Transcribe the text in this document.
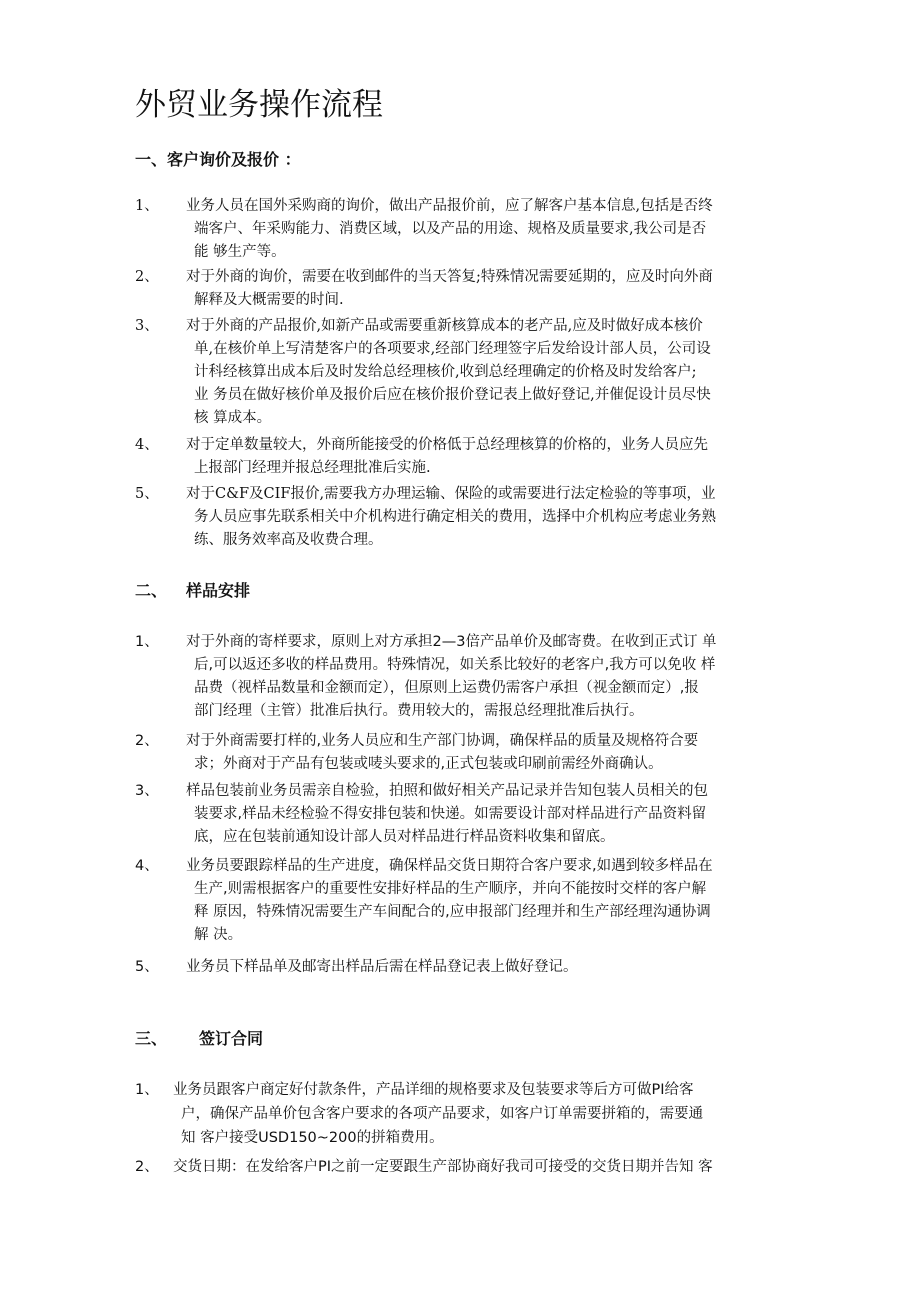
外贸业务操作流程
一、客户询价及报价 ：
1、 业务人员在国外采购商的询价，做出产品报价前，应了解客户基本信息,包括是否终
端客户、年采购能力、消费区域，以及产品的用途、规格及质量要求,我公司是否
能 够生产等。
2、 对于外商的询价，需要在收到邮件的当天答复;特殊情况需要延期的，应及时向外商
解释及大概需要的时间.
3、 对于外商的产品报价,如新产品或需要重新核算成本的老产品,应及时做好成本核价
单,在核价单上写清楚客户的各项要求,经部门经理签字后发给设计部人员，公司设
计科经核算出成本后及时发给总经理核价,收到总经理确定的价格及时发给客户;
业 务员在做好核价单及报价后应在核价报价登记表上做好登记,并催促设计员尽快
核 算成本。
4、 对于定单数量较大，外商所能接受的价格低于总经理核算的价格的，业务人员应先
上报部门经理并报总经理批准后实施.
5、 对于C&F及CIF报价,需要我方办理运输、保险的或需要进行法定检验的等事项，业
务人员应事先联系相关中介机构进行确定相关的费用，选择中介机构应考虑业务熟
练、服务效率高及收费合理。
二、 样品安排
1、 对于外商的寄样要求，原则上对方承担2—3倍产品单价及邮寄费。在收到正式订 单
后,可以返还多收的样品费用。特殊情况，如关系比较好的老客户,我方可以免收 样
品费（视样品数量和金额而定），但原则上运费仍需客户承担（视金额而定）,报
部门经理（主管）批准后执行。费用较大的，需报总经理批准后执行。
2、 对于外商需要打样的,业务人员应和生产部门协调，确保样品的质量及规格符合要
求；外商对于产品有包装或唛头要求的,正式包装或印刷前需经外商确认。
3、 样品包装前业务员需亲自检验，拍照和做好相关产品记录并告知包装人员相关的包
装要求,样品未经检验不得安排包装和快递。如需要设计部对样品进行产品资料留
底，应在包装前通知设计部人员对样品进行样品资料收集和留底。
4、 业务员要跟踪样品的生产进度，确保样品交货日期符合客户要求,如遇到较多样品在
生产,则需根据客户的重要性安排好样品的生产顺序，并向不能按时交样的客户解
释 原因，特殊情况需要生产车间配合的,应申报部门经理并和生产部经理沟通协调
解 决。
5、 业务员下样品单及邮寄出样品后需在样品登记表上做好登记。
三、 签订合同
1、 业务员跟客户商定好付款条件，产品详细的规格要求及包装要求等后方可做PI给客
户，确保产品单价包含客户要求的各项产品要求，如客户订单需要拼箱的，需要通
知 客户接受USD150~200的拼箱费用。
2、 交货日期：在发给客户PI之前一定要跟生产部协商好我司可接受的交货日期并告知 客
